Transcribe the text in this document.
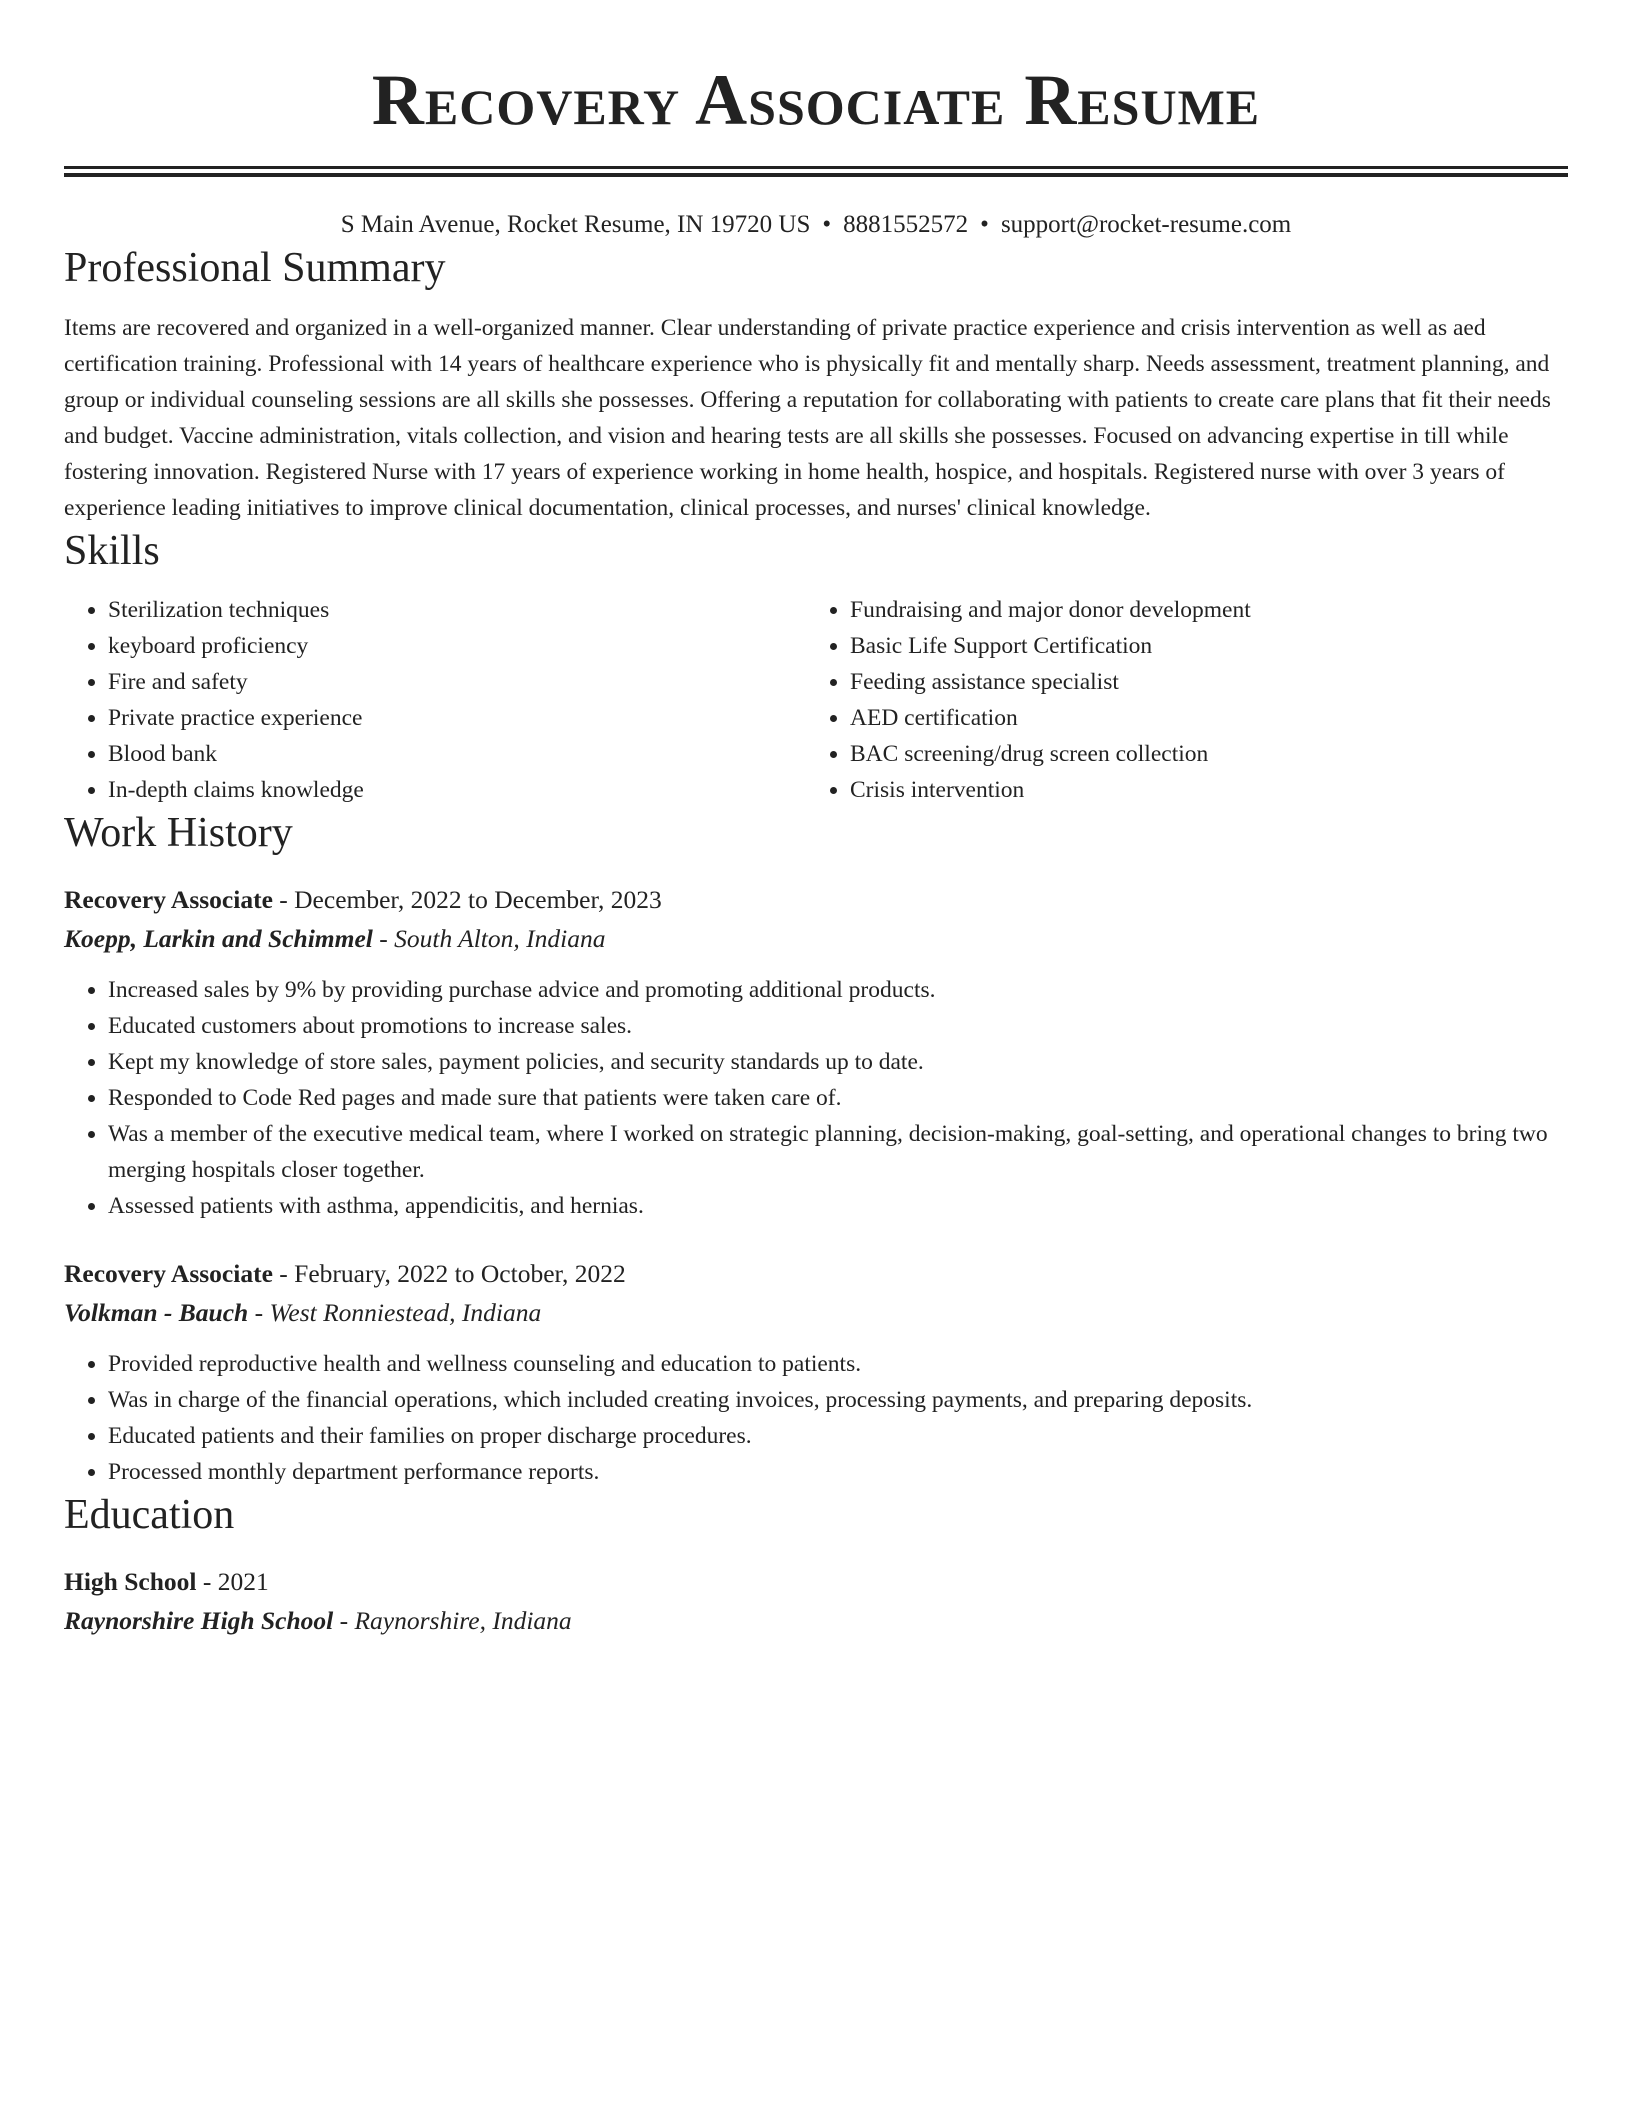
Recovery Associate Resume
S Main Avenue, Rocket Resume, IN 19720 US • 8881552572 • support@rocket-resume.com
Professional Summary
Items are recovered and organized in a well-organized manner. Clear understanding of private practice experience and crisis intervention as well as aed certification training. Professional with 14 years of healthcare experience who is physically fit and mentally sharp. Needs assessment, treatment planning, and group or individual counseling sessions are all skills she possesses. Offering a reputation for collaborating with patients to create care plans that fit their needs and budget. Vaccine administration, vitals collection, and vision and hearing tests are all skills she possesses. Focused on advancing expertise in till while fostering innovation. Registered Nurse with 17 years of experience working in home health, hospice, and hospitals. Registered nurse with over 3 years of experience leading initiatives to improve clinical documentation, clinical processes, and nurses' clinical knowledge.
Skills
• Sterilization techniques
• keyboard proficiency
• Fire and safety
• Private practice experience
• Blood bank
• In-depth claims knowledge
• Fundraising and major donor development
• Basic Life Support Certification
• Feeding assistance specialist
• AED certification
• BAC screening/drug screen collection
• Crisis intervention
Work History
Recovery Associate - December, 2022 to December, 2023
Koepp, Larkin and Schimmel - South Alton, Indiana
• Increased sales by 9% by providing purchase advice and promoting additional products.
• Educated customers about promotions to increase sales.
• Kept my knowledge of store sales, payment policies, and security standards up to date.
• Responded to Code Red pages and made sure that patients were taken care of.
• Was a member of the executive medical team, where I worked on strategic planning, decision-making, goal-setting, and operational changes to bring two merging hospitals closer together.
• Assessed patients with asthma, appendicitis, and hernias.
Recovery Associate - February, 2022 to October, 2022
Volkman - Bauch - West Ronniestead, Indiana
• Provided reproductive health and wellness counseling and education to patients.
• Was in charge of the financial operations, which included creating invoices, processing payments, and preparing deposits.
• Educated patients and their families on proper discharge procedures.
• Processed monthly department performance reports.
Education
High School - 2021
Raynorshire High School - Raynorshire, Indiana
